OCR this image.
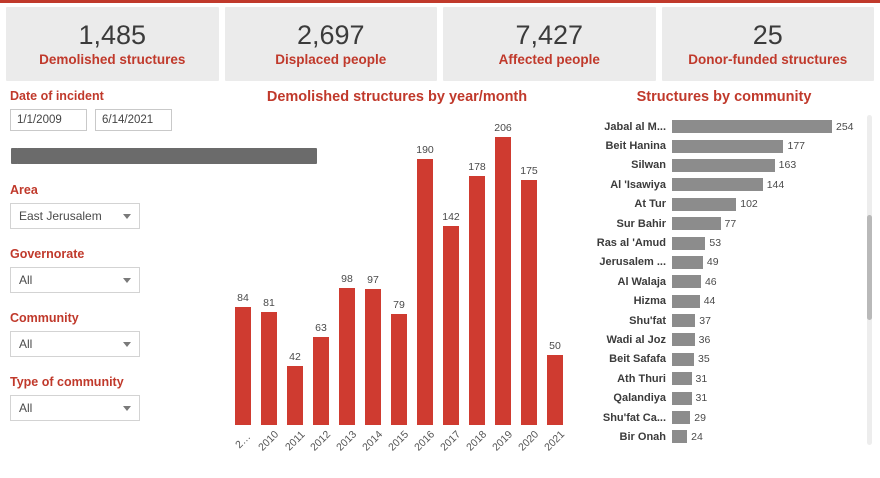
1,485
Demolished structures
2,697
Displaced people
7,427
Affected people
25
Donor-funded structures
Date of incident
1/1/2009	6/14/2021
Area
East Jerusalem
Governorate
All
Community
All
Type of community
All
Demolished structures by year/month
84 81
42
63
98 97
79
190
142
178
206
175
50
2… 2010 2011 2012 2013 2014 2015 2016 2017 2018 2019 2020 2021
Structures by community
Jabal al M...	254
Beit Hanina	177
Silwan	163
Al 'Isawiya	144
At Tur	102
Sur Bahir	77
Ras al 'Amud	53
Jerusalem ...	49
Al Walaja	46
Hizma	44
Shu'fat	37
Wadi al Joz	36
Beit Safafa	35
Ath Thuri	31
Qalandiya	31
Shu'fat Ca...	29
Bir Onah	24
